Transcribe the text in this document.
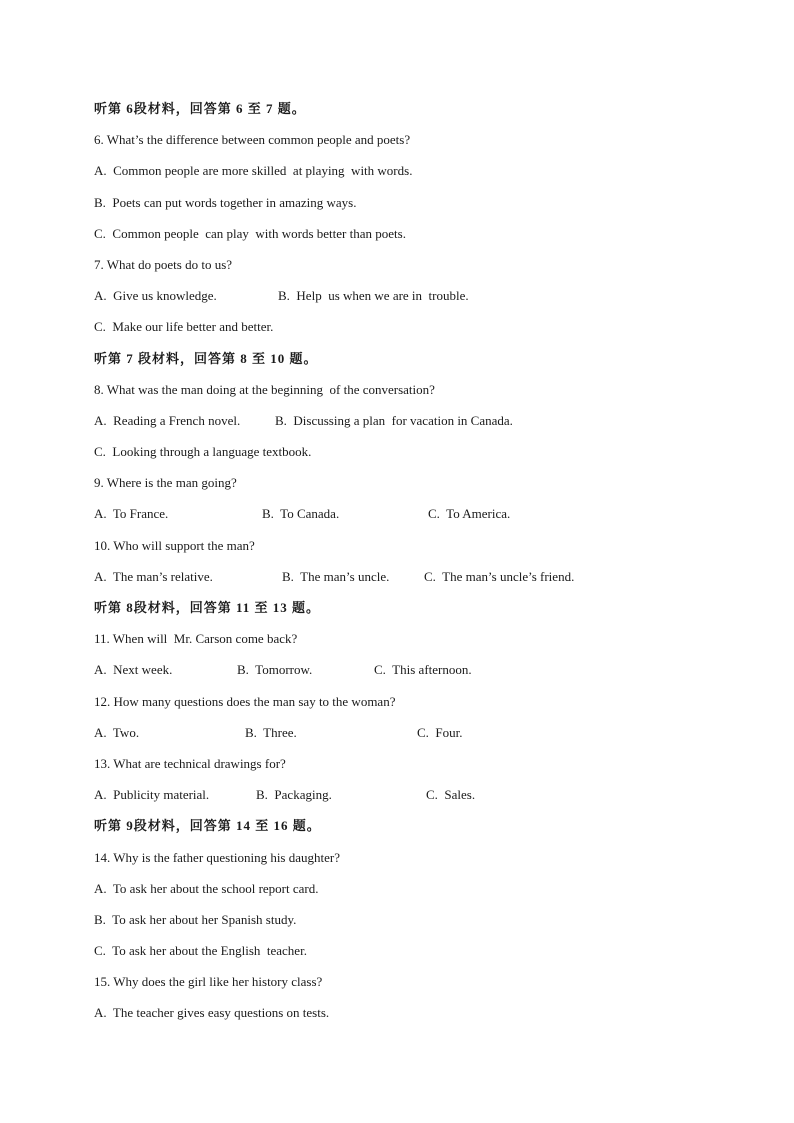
听第 6段材料，回答第 6 至 7 题。
6. What’s the difference between common people and poets?
A.  Common people are more skilled  at playing  with words.
B.  Poets can put words together in amazing ways.
C.  Common people  can play  with words better than poets.
7. What do poets do to us?
A.  Give us knowledge.	B.  Help  us when we are in  trouble.
C.  Make our life better and better.
听第 7 段材料，回答第 8 至 10 题。
8. What was the man doing at the beginning  of the conversation?
A.  Reading a French novel.	B.  Discussing a plan  for vacation in Canada.
C.  Looking through a language textbook.
9. Where is the man going?
A.  To France.	B.  To Canada.	C.  To America.
10. Who will support the man?
A.  The man’s relative.	B.  The man’s uncle.	C.  The man’s uncle’s friend.
听第 8段材料，回答第 11 至 13 题。
11. When will  Mr. Carson come back?
A.  Next week.	B.  Tomorrow.	C.  This afternoon.
12. How many questions does the man say to the woman?
A.  Two.	B.  Three.	C.  Four.
13. What are technical drawings for?
A.  Publicity material.	B.  Packaging.	C.  Sales.
听第 9段材料，回答第 14 至 16 题。
14. Why is the father questioning his daughter?
A.  To ask her about the school report card.
B.  To ask her about her Spanish study.
C.  To ask her about the English  teacher.
15. Why does the girl like her history class?
A.  The teacher gives easy questions on tests.
